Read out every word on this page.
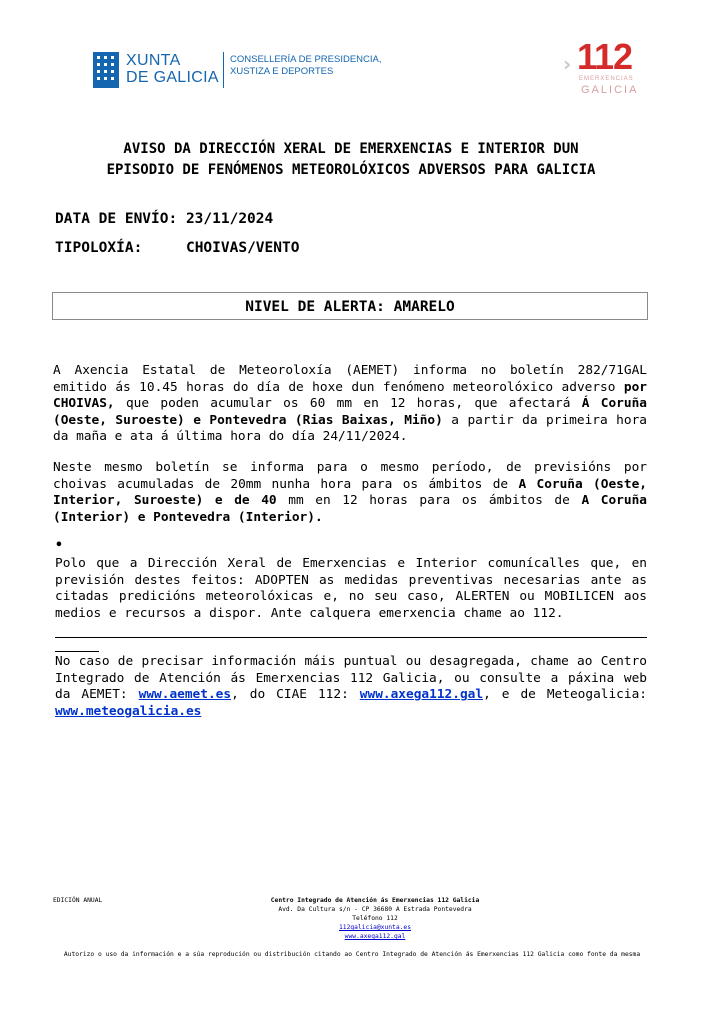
XUNTA
DE GALICIA
CONSELLERÍA DE PRESIDENCIA,
XUSTIZA E DEPORTES	› 112
EMERXENCIAS
GALICIA
AVISO DA DIRECCIÓN XERAL DE EMERXENCIAS E INTERIOR DUN
EPISODIO DE FENÓMENOS METEOROLÓXICOS ADVERSOS PARA GALICIA
DATA DE ENVÍO: 23/11/2024
TIPOLOXÍA:	CHOIVAS/VENTO
NIVEL DE ALERTA: AMARELO
A Axencia Estatal de Meteoroloxía (AEMET) informa no boletín 282/71GAL emitido ás 10.45 horas do día de hoxe dun fenómeno meteorolóxico adverso por CHOIVAS, que poden acumular os 60 mm en 12 horas, que afectará Á Coruña (Oeste, Suroeste) e Pontevedra (Rias Baixas, Miño) a partir da primeira hora da maña e ata á última hora do día 24/11/2024.
Neste mesmo boletín se informa para o mesmo período, de previsións por choivas acumuladas de 20mm nunha hora para os ámbitos de A Coruña (Oeste, Interior, Suroeste) e de 40 mm en 12 horas para os ámbitos de A Coruña (Interior) e Pontevedra (Interior).
•
Polo que a Dirección Xeral de Emerxencias e Interior comunícalles que, en previsión destes feitos: ADOPTEN as medidas preventivas necesarias ante as citadas predicións meteorolóxicas e, no seu caso, ALERTEN ou MOBILICEN aos medios e recursos a dispor. Ante calquera emerxencia chame ao 112.
No caso de precisar información máis puntual ou desagregada, chame ao Centro Integrado de Atención ás Emerxencias 112 Galicia, ou consulte a páxina web da AEMET: www.aemet.es, do CIAE 112: www.axega112.gal, e de Meteogalicia: www.meteogalicia.es
EDICIÓN ANUAL	Centro Integrado de Atención ás Emerxencias 112 Galicia
Avd. Da Cultura s/n - CP 36680 A Estrada Pontevedra
Teléfono 112
112galicia@xunta.es
www.axega112.gal
Autorizo o uso da información e a súa reprodución ou distribución citando ao Centro Integrado de Atención ás Emerxencias 112 Galicia como fonte da mesma
